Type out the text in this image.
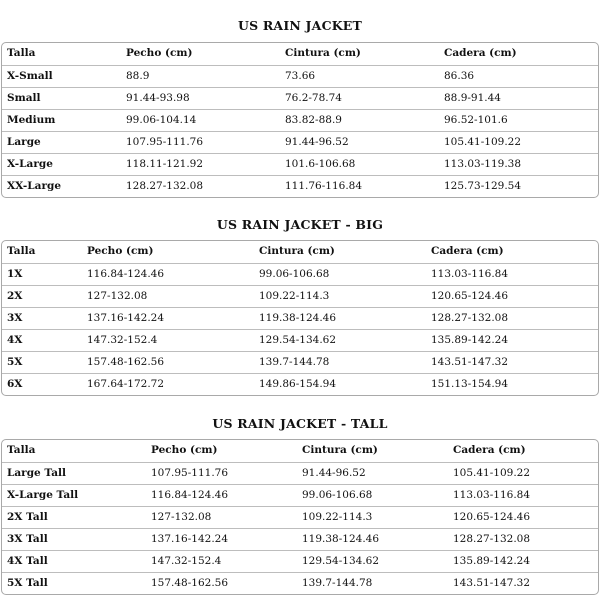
US RAIN JACKET
Talla	Pecho (cm)	Cintura (cm)	Cadera (cm)
X-Small	88.9	73.66	86.36
Small	91.44-93.98	76.2-78.74	88.9-91.44
Medium	99.06-104.14	83.82-88.9	96.52-101.6
Large	107.95-111.76	91.44-96.52	105.41-109.22
X-Large	118.11-121.92	101.6-106.68	113.03-119.38
XX-Large	128.27-132.08	111.76-116.84	125.73-129.54
US RAIN JACKET - BIG
Talla	Pecho (cm)	Cintura (cm)	Cadera (cm)
1X	116.84-124.46	99.06-106.68	113.03-116.84
2X	127-132.08	109.22-114.3	120.65-124.46
3X	137.16-142.24	119.38-124.46	128.27-132.08
4X	147.32-152.4	129.54-134.62	135.89-142.24
5X	157.48-162.56	139.7-144.78	143.51-147.32
6X	167.64-172.72	149.86-154.94	151.13-154.94
US RAIN JACKET - TALL
Talla	Pecho (cm)	Cintura (cm)	Cadera (cm)
Large Tall	107.95-111.76	91.44-96.52	105.41-109.22
X-Large Tall	116.84-124.46	99.06-106.68	113.03-116.84
2X Tall	127-132.08	109.22-114.3	120.65-124.46
3X Tall	137.16-142.24	119.38-124.46	128.27-132.08
4X Tall	147.32-152.4	129.54-134.62	135.89-142.24
5X Tall	157.48-162.56	139.7-144.78	143.51-147.32
